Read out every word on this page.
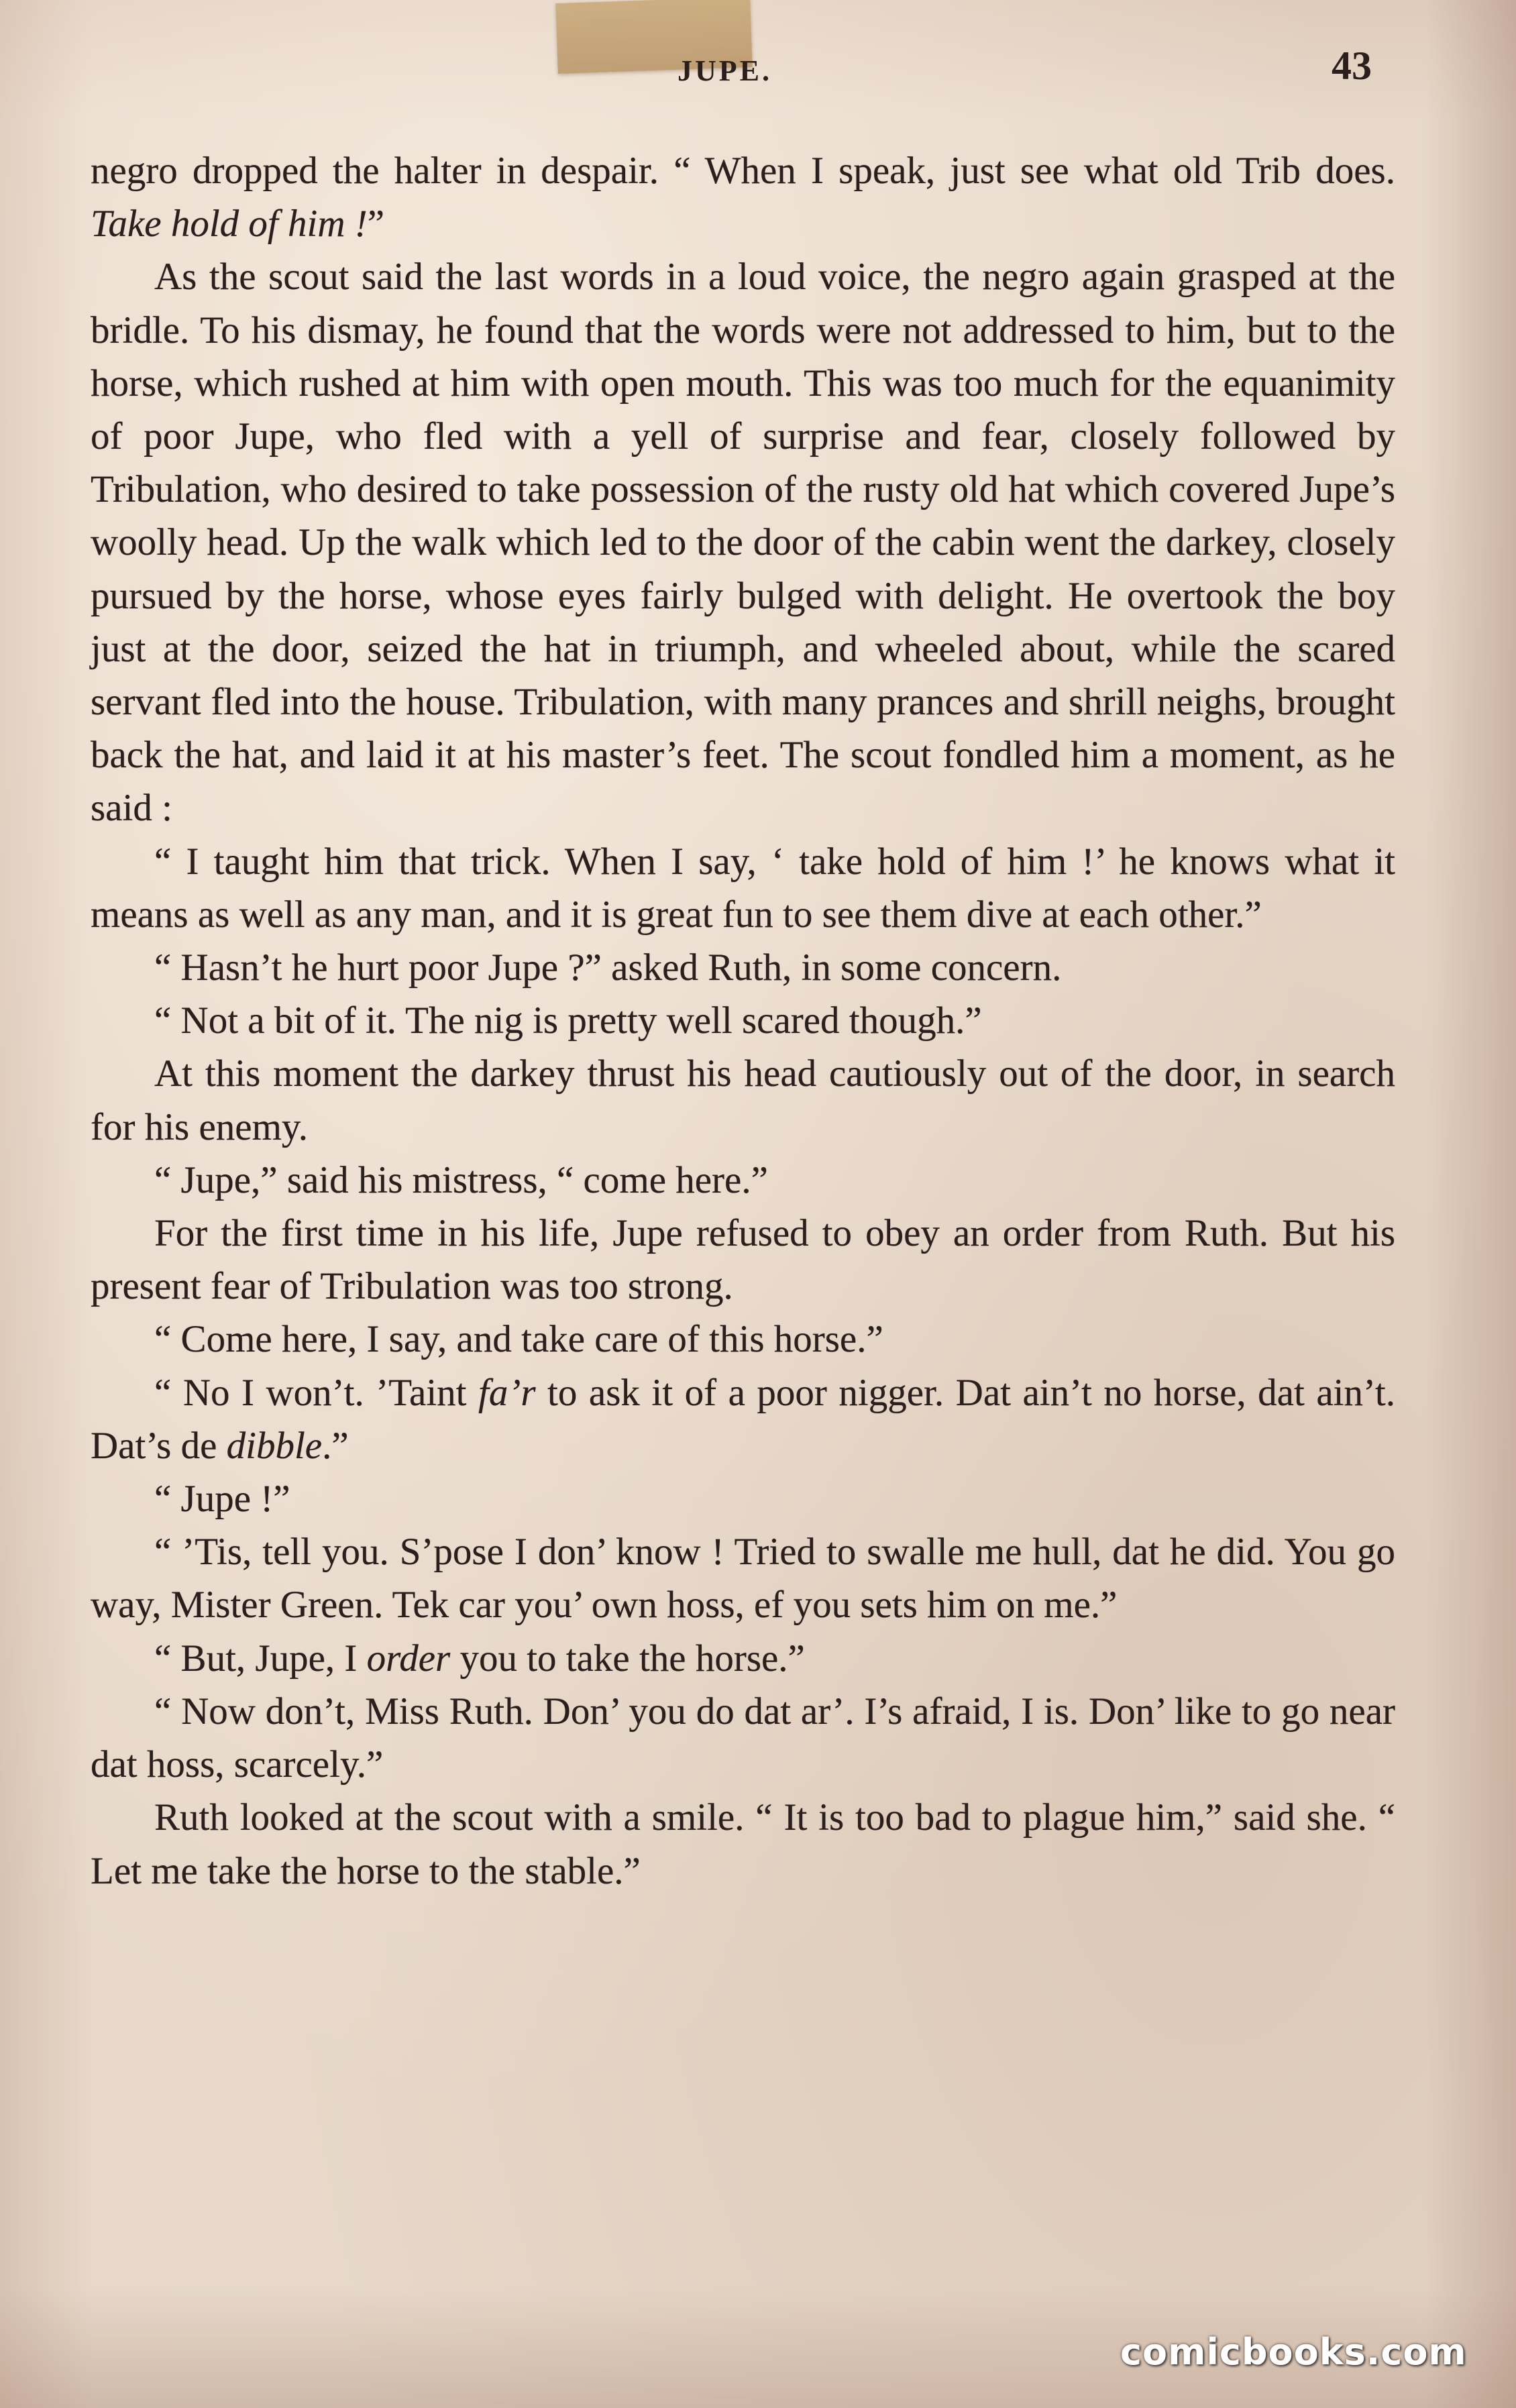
JUPE.	43

negro dropped the halter in despair. “ When I speak, just see what old Trib does. Take hold of him !”

As the scout said the last words in a loud voice, the negro again grasped at the bridle. To his dismay, he found that the words were not addressed to him, but to the horse, which rushed at him with open mouth. This was too much for the equanimity of poor Jupe, who fled with a yell of surprise and fear, closely followed by Tribulation, who desired to take possession of the rusty old hat which covered Jupe’s woolly head. Up the walk which led to the door of the cabin went the darkey, closely pursued by the horse, whose eyes fairly bulged with delight. He overtook the boy just at the door, seized the hat in triumph, and wheeled about, while the scared servant fled into the house. Tribulation, with many prances and shrill neighs, brought back the hat, and laid it at his master’s feet. The scout fondled him a moment, as he said :

“ I taught him that trick. When I say, ‘ take hold of him !’ he knows what it means as well as any man, and it is great fun to see them dive at each other.”

“ Hasn’t he hurt poor Jupe ?” asked Ruth, in some concern.

“ Not a bit of it. The nig is pretty well scared though.”

At this moment the darkey thrust his head cautiously out of the door, in search for his enemy.

“ Jupe,” said his mistress, “ come here.”

For the first time in his life, Jupe refused to obey an order from Ruth. But his present fear of Tribulation was too strong.

“ Come here, I say, and take care of this horse.”

“ No I won’t. ’Taint fa’r to ask it of a poor nigger. Dat ain’t no horse, dat ain’t. Dat’s de dibble.”

“ Jupe !”

“ ’Tis, tell you. S’pose I don’ know ! Tried to swalle me hull, dat he did. You go way, Mister Green. Tek car you’ own hoss, ef you sets him on me.”

“ But, Jupe, I order you to take the horse.”

“ Now don’t, Miss Ruth. Don’ you do dat ar’. I’s afraid, I is. Don’ like to go near dat hoss, scarcely.”

Ruth looked at the scout with a smile. “ It is too bad to plague him,” said she. “ Let me take the horse to the stable.”

comicbooks.com
